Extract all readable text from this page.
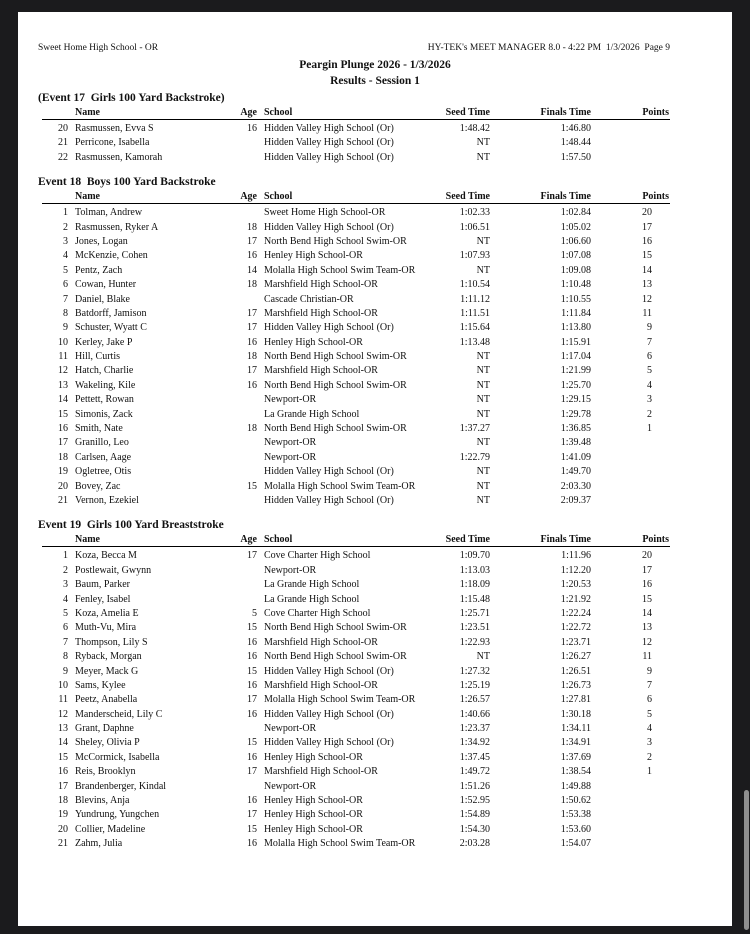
Sweet Home High School - OR	HY-TEK's MEET MANAGER 8.0 - 4:22 PM  1/3/2026  Page 9
Peargin Plunge 2026 - 1/3/2026
Results - Session 1
(Event 17  Girls 100 Yard Backstroke)
Name	Age School	Seed Time	Finals Time	Points
20 Rasmussen, Evva S	16 Hidden Valley High School (Or)	1:48.42	1:46.80
21 Perricone, Isabella	Hidden Valley High School (Or)	NT	1:48.44
22 Rasmussen, Kamorah	Hidden Valley High School (Or)	NT	1:57.50
Event 18  Boys 100 Yard Backstroke
Name	Age School	Seed Time	Finals Time	Points
1 Tolman, Andrew	Sweet Home High School-OR	1:02.33	1:02.84	20
2 Rasmussen, Ryker A	18 Hidden Valley High School (Or)	1:06.51	1:05.02	17
3 Jones, Logan	17 North Bend High School Swim-OR	NT	1:06.60	16
4 McKenzie, Cohen	16 Henley High School-OR	1:07.93	1:07.08	15
5 Pentz, Zach	14 Molalla High School Swim Team-OR	NT	1:09.08	14
6 Cowan, Hunter	18 Marshfield High School-OR	1:10.54	1:10.48	13
7 Daniel, Blake	Cascade Christian-OR	1:11.12	1:10.55	12
8 Batdorff, Jamison	17 Marshfield High School-OR	1:11.51	1:11.84	11
9 Schuster, Wyatt C	17 Hidden Valley High School (Or)	1:15.64	1:13.80	9
10 Kerley, Jake P	16 Henley High School-OR	1:13.48	1:15.91	7
11 Hill, Curtis	18 North Bend High School Swim-OR	NT	1:17.04	6
12 Hatch, Charlie	17 Marshfield High School-OR	NT	1:21.99	5
13 Wakeling, Kile	16 North Bend High School Swim-OR	NT	1:25.70	4
14 Pettett, Rowan	Newport-OR	NT	1:29.15	3
15 Simonis, Zack	La Grande High School	NT	1:29.78	2
16 Smith, Nate	18 North Bend High School Swim-OR	1:37.27	1:36.85	1
17 Granillo, Leo	Newport-OR	NT	1:39.48
18 Carlsen, Aage	Newport-OR	1:22.79	1:41.09
19 Ogletree, Otis	Hidden Valley High School (Or)	NT	1:49.70
20 Bovey, Zac	15 Molalla High School Swim Team-OR	NT	2:03.30
21 Vernon, Ezekiel	Hidden Valley High School (Or)	NT	2:09.37
Event 19  Girls 100 Yard Breaststroke
Name	Age School	Seed Time	Finals Time	Points
1 Koza, Becca M	17 Cove Charter High School	1:09.70	1:11.96	20
2 Postlewait, Gwynn	Newport-OR	1:13.03	1:12.20	17
3 Baum, Parker	La Grande High School	1:18.09	1:20.53	16
4 Fenley, Isabel	La Grande High School	1:15.48	1:21.92	15
5 Koza, Amelia E	5 Cove Charter High School	1:25.71	1:22.24	14
6 Muth-Vu, Mira	15 North Bend High School Swim-OR	1:23.51	1:22.72	13
7 Thompson, Lily S	16 Marshfield High School-OR	1:22.93	1:23.71	12
8 Ryback, Morgan	16 North Bend High School Swim-OR	NT	1:26.27	11
9 Meyer, Mack G	15 Hidden Valley High School (Or)	1:27.32	1:26.51	9
10 Sams, Kylee	16 Marshfield High School-OR	1:25.19	1:26.73	7
11 Peetz, Anabella	17 Molalla High School Swim Team-OR	1:26.57	1:27.81	6
12 Manderscheid, Lily C	16 Hidden Valley High School (Or)	1:40.66	1:30.18	5
13 Grant, Daphne	Newport-OR	1:23.37	1:34.11	4
14 Sheley, Olivia P	15 Hidden Valley High School (Or)	1:34.92	1:34.91	3
15 McCormick, Isabella	16 Henley High School-OR	1:37.45	1:37.69	2
16 Reis, Brooklyn	17 Marshfield High School-OR	1:49.72	1:38.54	1
17 Brandenberger, Kindal	Newport-OR	1:51.26	1:49.88
18 Blevins, Anja	16 Henley High School-OR	1:52.95	1:50.62
19 Yundrung, Yungchen	17 Henley High School-OR	1:54.89	1:53.38
20 Collier, Madeline	15 Henley High School-OR	1:54.30	1:53.60
21 Zahm, Julia	16 Molalla High School Swim Team-OR	2:03.28	1:54.07
